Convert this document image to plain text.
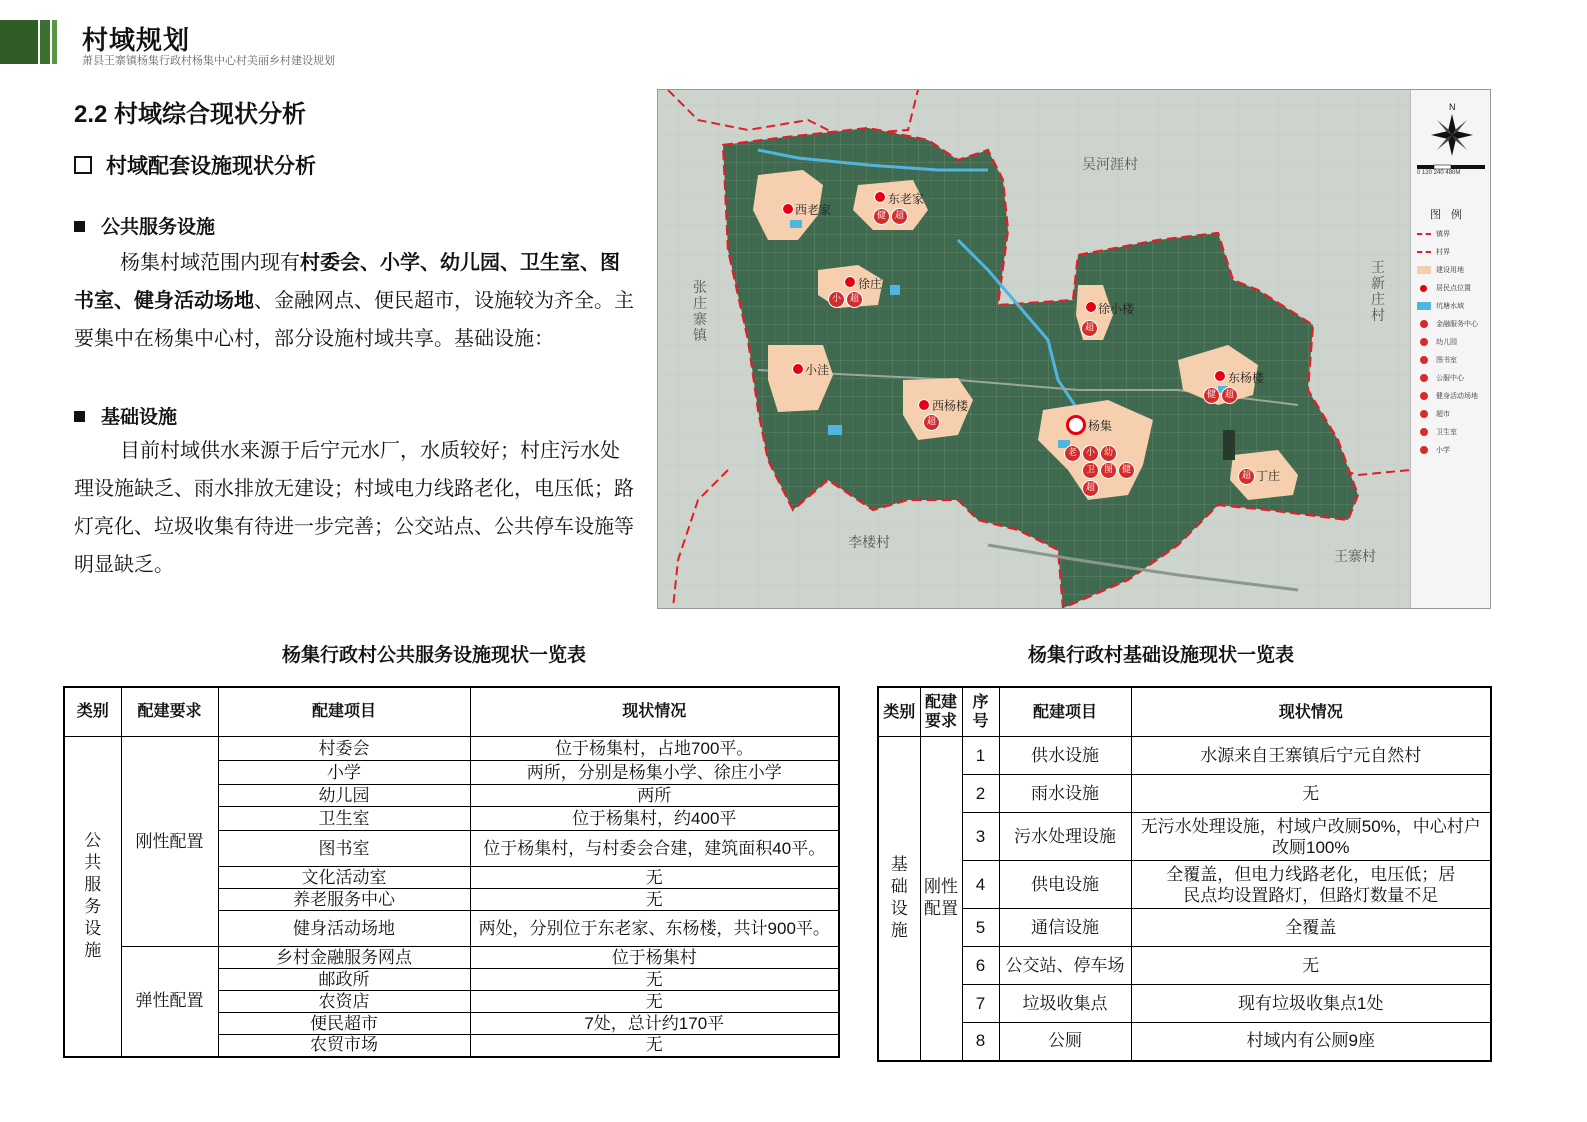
村域规划
萧县王寨镇杨集行政村杨集中心村美丽乡村建设规划
2.2 村域综合现状分析
村域配套设施现状分析
公共服务设施

杨集村域范围内现有村委会、小学、幼儿园、卫生室、图书室、健身活动场地、金融网点、便民超市，设施较为齐全。主要集中在杨集中心村，部分设施村域共享。基础设施：

基础设施

目前村域供水来源于后宁元水厂，水质较好；村庄污水处理设施缺乏、雨水排放无建设；村域电力线路老化，电压低；路灯亮化、垃圾收集有待进一步完善；公交站点、公共停车设施等明显缺乏。

吴河涯村
张庄寨镇
王新庄村
李楼村
王寨村
西老家
东老家
健 超
徐庄
小 超
徐小楼
超
小洼
西杨楼
超	杨集
小 幼
卫 图 健
老
超
东杨楼
健 超
超 丁庄
N
0 120 240 480M
图例
镇界
村界
建设用地
居民点位置
坑塘水域
金融服务中心
幼儿园
图书室
公服中心
健身活动场地
超市
卫生室
小学
杨集行政村公共服务设施现状一览表	杨集行政村基础设施现状一览表
类别	配建要求	配建项目	现状情况

公共服务设施	刚性配置	村委会	位于杨集村，占地700平。
		小学	两所，分别是杨集小学、徐庄小学
		幼儿园	两所
		卫生室	位于杨集村，约400平
		图书室	位于杨集村，与村委会合建，建筑面积40平。
		文化活动室	无
		养老服务中心	无
		健身活动场地	两处，分别位于东老家、东杨楼，共计900平。
	弹性配置	乡村金融服务网点	位于杨集村
		邮政所	无
		农资店	无
		便民超市	7处，总计约170平
		农贸市场	无
类别	配建要求	序号	配建项目	现状情况

基础设施	刚性配置	1	供水设施	水源来自王寨镇后宁元自然村
		2	雨水设施	无
		3	污水处理设施	无污水处理设施，村域户改厕50%，中心村户改厕100%

		4	供电设施	全覆盖，但电力线路老化，电压低；居民点均设置路灯，但路灯数量不足

		5	通信设施	全覆盖
		6	公交站、停车场	无
		7	垃圾收集点	现有垃圾收集点1处
		8	公厕	村域内有公厕9座
